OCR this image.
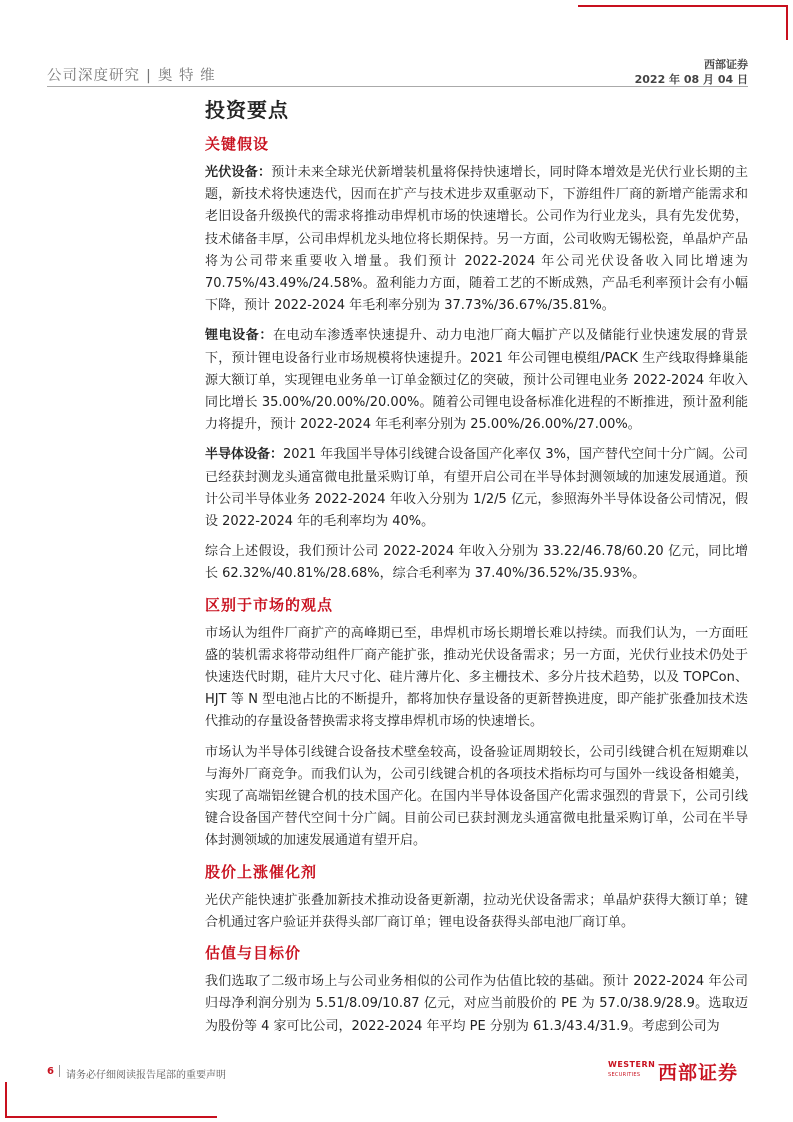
公司深度研究 | 奥 特 维
西部证券
2022 年 08 月 04 日
投资要点
关键假设

光伏设备：预计未来全球光伏新增装机量将保持快速增长，同时降本增效是光伏行业长期的主题，新技术将快速迭代，因而在扩产与技术进步双重驱动下，下游组件厂商的新增产能需求和老旧设备升级换代的需求将推动串焊机市场的快速增长。公司作为行业龙头，具有先发优势，技术储备丰厚，公司串焊机龙头地位将长期保持。另一方面，公司收购无锡松瓷，单晶炉产品将为公司带来重要收入增量。我们预计 2022-2024 年公司光伏设备收入同比增速为 70.75%/43.49%/24.58%。盈利能力方面，随着工艺的不断成熟，产品毛利率预计会有小幅下降，预计 2022-2024 年毛利率分别为 37.73%/36.67%/35.81%。

锂电设备：在电动车渗透率快速提升、动力电池厂商大幅扩产以及储能行业快速发展的背景下，预计锂电设备行业市场规模将快速提升。2021 年公司锂电模组/PACK 生产线取得蜂巢能源大额订单，实现锂电业务单一订单金额过亿的突破，预计公司锂电业务 2022-2024 年收入同比增长 35.00%/20.00%/20.00%。随着公司锂电设备标准化进程的不断推进，预计盈利能力将提升，预计 2022-2024 年毛利率分别为 25.00%/26.00%/27.00%。

半导体设备：2021 年我国半导体引线键合设备国产化率仅 3%，国产替代空间十分广阔。公司已经获封测龙头通富微电批量采购订单，有望开启公司在半导体封测领域的加速发展通道。预计公司半导体业务 2022-2024 年收入分别为 1/2/5 亿元，参照海外半导体设备公司情况，假设 2022-2024 年的毛利率均为 40%。

综合上述假设，我们预计公司 2022-2024 年收入分别为 33.22/46.78/60.20 亿元，同比增长 62.32%/40.81%/28.68%，综合毛利率为 37.40%/36.52%/35.93%。

区别于市场的观点

市场认为组件厂商扩产的高峰期已至，串焊机市场长期增长难以持续。而我们认为，一方面旺盛的装机需求将带动组件厂商产能扩张，推动光伏设备需求；另一方面，光伏行业技术仍处于快速迭代时期，硅片大尺寸化、硅片薄片化、多主栅技术、多分片技术趋势，以及 TOPCon、HJT 等 N 型电池占比的不断提升，都将加快存量设备的更新替换进度，即产能扩张叠加技术迭代推动的存量设备替换需求将支撑串焊机市场的快速增长。

市场认为半导体引线键合设备技术壁垒较高，设备验证周期较长，公司引线键合机在短期难以与海外厂商竞争。而我们认为，公司引线键合机的各项技术指标均可与国外一线设备相媲美，实现了高端铝丝键合机的技术国产化。在国内半导体设备国产化需求强烈的背景下，公司引线键合设备国产替代空间十分广阔。目前公司已获封测龙头通富微电批量采购订单，公司在半导体封测领域的加速发展通道有望开启。

股价上涨催化剂

光伏产能快速扩张叠加新技术推动设备更新潮，拉动光伏设备需求；单晶炉获得大额订单；键合机通过客户验证并获得头部厂商订单；锂电设备获得头部电池厂商订单。

估值与目标价

我们选取了二级市场上与公司业务相似的公司作为估值比较的基础。预计 2022-2024 年公司归母净利润分别为 5.51/8.09/10.87 亿元，对应当前股价的 PE 为 57.0/38.9/28.9。选取迈为股份等 4 家可比公司，2022-2024 年平均 PE 分别为 61.3/43.4/31.9。考虑到公司为

6 请务必仔细阅读报告尾部的重要声明
WESTERN
SECURITIES 西部证券
